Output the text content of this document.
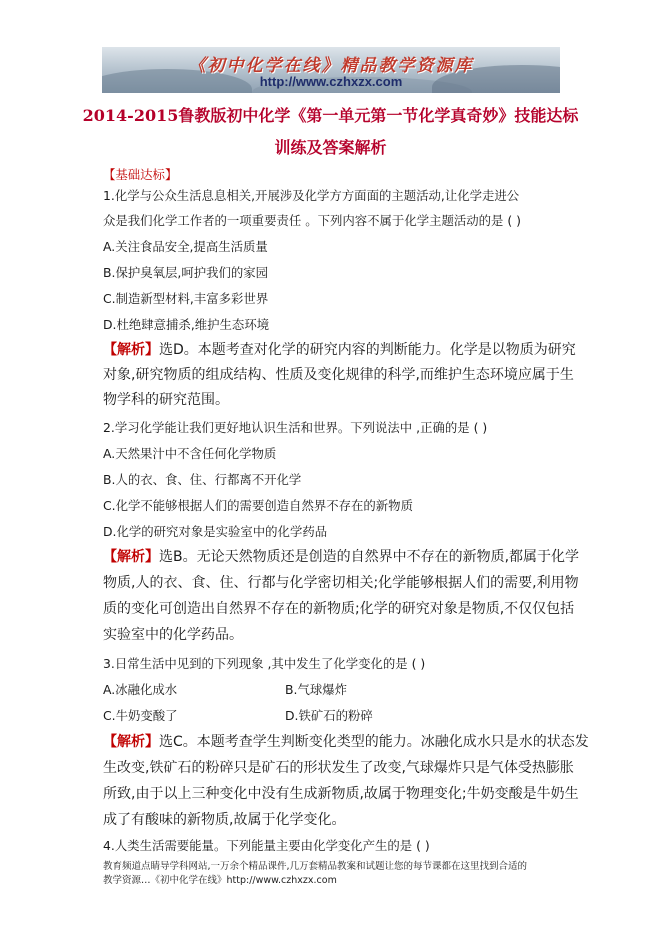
《初中化学在线》精品教学资源库
http://www.czhxzx.com
2014-2015鲁教版初中化学《第一单元第一节化学真奇妙》技能达标
训练及答案解析
【基础达标】
1.化学与公众生活息息相关,开展涉及化学方方面面的主题活动,让化学走进公
众是我们化学工作者的一项重要责任 。下列内容不属于化学主题活动的是 ( )
A.关注食品安全,提高生活质量
B.保护臭氧层,呵护我们的家园
C.制造新型材料,丰富多彩世界
D.杜绝肆意捕杀,维护生态环境
【解析】选D。本题考查对化学的研究内容的判断能力。化学是以物质为研究
对象,研究物质的组成结构、性质及变化规律的科学,而维护生态环境应属于生
物学科的研究范围。
2.学习化学能让我们更好地认识生活和世界。下列说法中 ,正确的是 ( )
A.天然果汁中不含任何化学物质
B.人的衣、食、住、行都离不开化学
C.化学不能够根据人们的需要创造自然界不存在的新物质
D.化学的研究对象是实验室中的化学药品
【解析】选B。无论天然物质还是创造的自然界中不存在的新物质,都属于化学
物质,人的衣、食、住、行都与化学密切相关;化学能够根据人们的需要,利用物
质的变化可创造出自然界不存在的新物质;化学的研究对象是物质,不仅仅包括
实验室中的化学药品。
3.日常生活中见到的下列现象 ,其中发生了化学变化的是 ( )
A.冰融化成水	B.气球爆炸
C.牛奶变酸了	D.铁矿石的粉碎
【解析】选C。本题考查学生判断变化类型的能力。冰融化成水只是水的状态发
生改变,铁矿石的粉碎只是矿石的形状发生了改变,气球爆炸只是气体受热膨胀
所致,由于以上三种变化中没有生成新物质,故属于物理变化;牛奶变酸是牛奶生
成了有酸味的新物质,故属于化学变化。
4.人类生活需要能量。下列能量主要由化学变化产生的是 ( )
教育频道点睛导学科网站,一万余个精品课件,几万套精品教案和试题让您的每节课都在这里找到合适的
教学资源…《初中化学在线》http://www.czhxzx.com
